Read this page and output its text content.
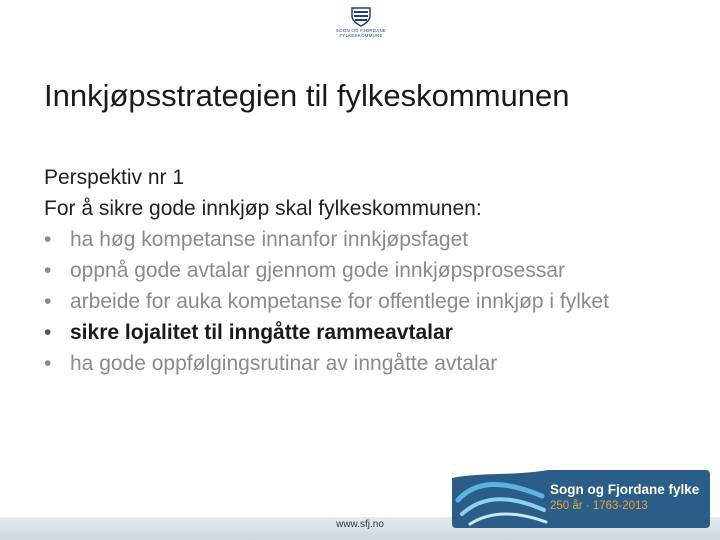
SOGN OG FJORDANE
FYLKESKOMMUNE
Innkjøpsstrategien til fylkeskommunen
Perspektiv nr 1
For å sikre gode innkjøp skal fylkeskommunen:
• ha høg kompetanse innanfor innkjøpsfaget
• oppnå gode avtalar gjennom gode innkjøpsprosessar
• arbeide for auka kompetanse for offentlege innkjøp i fylket
• sikre lojalitet til inngåtte rammeavtalar
• ha gode oppfølgingsrutinar av inngåtte avtalar
www.sfj.no
Sogn og Fjordane fylke
250 år · 1763-2013
